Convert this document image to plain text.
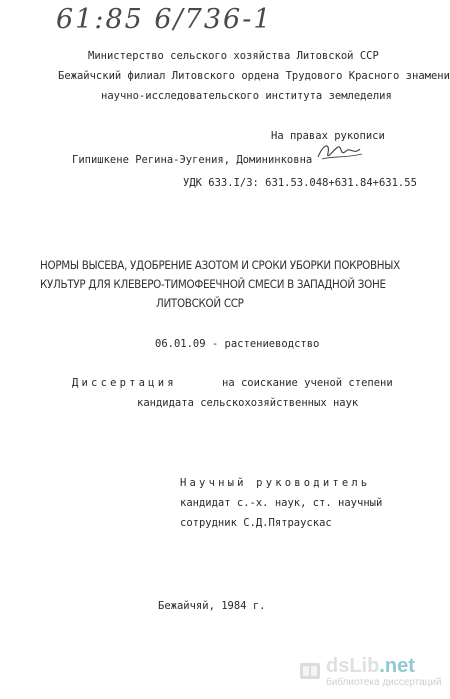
61:85 6/736-1
Министерство сельского хозяйства Литовской ССР
Бежайчский филиал Литовского ордена Трудового Красного знамени
научно-исследовательского института земледелия
На правах рукописи
Гипишкене Регина-Эугения, Домининковна
УДК 633.I/3: 631.53.048+631.84+631.55
НОРМЫ ВЫСЕВА, УДОБРЕНИЕ АЗОТОМ И СРОКИ УБОРКИ ПОКРОВНЫХ
КУЛЬТУР ДЛЯ КЛЕВЕРО-ТИМОФЕЕЧНОЙ СМЕСИ В ЗАПАДНОЙ ЗОНЕ
ЛИТОВСКОЙ ССР
06.01.09 - растениеводство
Диссертация	на соискание ученой степени
кандидата сельскохозяйственных наук
Научный руководитель
кандидат с.-х. наук, ст. научный
сотрудник С.Д.Пятраускас
Бежайчяй, 1984 г.
dsLib.net
библиотека диссертаций
